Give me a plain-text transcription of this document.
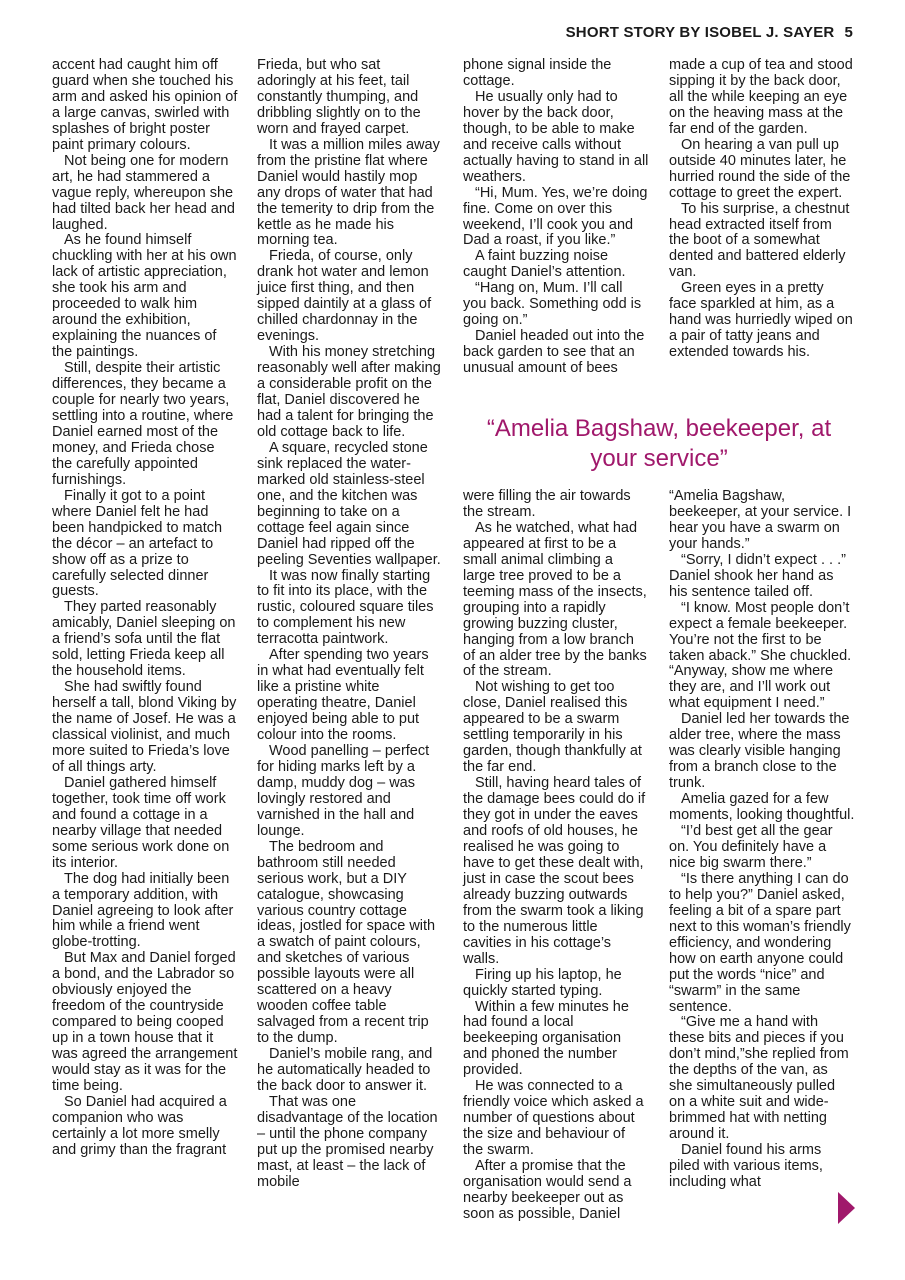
SHORT STORY BY ISOBEL J. SAYER 5

accent had caught him off guard when she touched his arm and asked his opinion of a large canvas, swirled with splashes of bright poster paint primary colours.

Not being one for modern art, he had stammered a vague reply, whereupon she had tilted back her head and laughed.

As he found himself chuckling with her at his own lack of artistic appreciation, she took his arm and proceeded to walk him around the exhibition, explaining the nuances of the paintings.

Still, despite their artistic differences, they became a couple for nearly two years, settling into a routine, where Daniel earned most of the money, and Frieda chose the carefully appointed furnishings.

Finally it got to a point where Daniel felt he had been handpicked to match the décor – an artefact to show off as a prize to carefully selected dinner guests.

They parted reasonably amicably, Daniel sleeping on a friend’s sofa until the flat sold, letting Frieda keep all the household items.

She had swiftly found herself a tall, blond Viking by the name of Josef. He was a classical violinist, and much more suited to Frieda’s love of all things arty.

Daniel gathered himself together, took time off work and found a cottage in a nearby village that needed some serious work done on its interior.

The dog had initially been a temporary addition, with Daniel agreeing to look after him while a friend went globe-trotting.

But Max and Daniel forged a bond, and the Labrador so obviously enjoyed the freedom of the countryside compared to being cooped up in a town house that it was agreed the arrangement would stay as it was for the time being.

So Daniel had acquired a companion who was certainly a lot more smelly and grimy than the fragrant

Frieda, but who sat adoringly at his feet, tail constantly thumping, and dribbling slightly on to the worn and frayed carpet.

It was a million miles away from the pristine flat where Daniel would hastily mop any drops of water that had the temerity to drip from the kettle as he made his morning tea.

Frieda, of course, only drank hot water and lemon juice first thing, and then sipped daintily at a glass of chilled chardonnay in the evenings.

With his money stretching reasonably well after making a considerable profit on the flat, Daniel discovered he had a talent for bringing the old cottage back to life.

A square, recycled stone sink replaced the water-marked old stainless-steel one, and the kitchen was beginning to take on a cottage feel again since Daniel had ripped off the peeling Seventies wallpaper.

It was now finally starting to fit into its place, with the rustic, coloured square tiles to complement his new terracotta paintwork.

After spending two years in what had eventually felt like a pristine white operating theatre, Daniel enjoyed being able to put colour into the rooms.

Wood panelling – perfect for hiding marks left by a damp, muddy dog – was lovingly restored and varnished in the hall and lounge.

The bedroom and bathroom still needed serious work, but a DIY catalogue, showcasing various country cottage ideas, jostled for space with a swatch of paint colours, and sketches of various possible layouts were all scattered on a heavy wooden coffee table salvaged from a recent trip to the dump.

Daniel’s mobile rang, and he automatically headed to the back door to answer it.

That was one disadvantage of the location – until the phone company put up the promised nearby mast, at least – the lack of mobile

phone signal inside the cottage.

He usually only had to hover by the back door, though, to be able to make and receive calls without actually having to stand in all weathers.

“Hi, Mum. Yes, we’re doing fine. Come on over this weekend, I’ll cook you and Dad a roast, if you like.”

A faint buzzing noise caught Daniel’s attention.

“Hang on, Mum. I’ll call you back. Something odd is going on.”

Daniel headed out into the back garden to see that an unusual amount of bees

made a cup of tea and stood sipping it by the back door, all the while keeping an eye on the heaving mass at the far end of the garden.

On hearing a van pull up outside 40 minutes later, he hurried round the side of the cottage to greet the expert.

To his surprise, a chestnut head extracted itself from the boot of a somewhat dented and battered elderly van.

Green eyes in a pretty face sparkled at him, as a hand was hurriedly wiped on a pair of tatty jeans and extended towards his.

“Amelia Bagshaw, beekeeper, at your service”

were filling the air towards the stream.

As he watched, what had appeared at first to be a small animal climbing a large tree proved to be a teeming mass of the insects, grouping into a rapidly growing buzzing cluster, hanging from a low branch of an alder tree by the banks of the stream.

Not wishing to get too close, Daniel realised this appeared to be a swarm settling temporarily in his garden, though thankfully at the far end.

Still, having heard tales of the damage bees could do if they got in under the eaves and roofs of old houses, he realised he was going to have to get these dealt with, just in case the scout bees already buzzing outwards from the swarm took a liking to the numerous little cavities in his cottage’s walls.

Firing up his laptop, he quickly started typing.

Within a few minutes he had found a local beekeeping organisation and phoned the number provided.

He was connected to a friendly voice which asked a number of questions about the size and behaviour of the swarm.

After a promise that the organisation would send a nearby beekeeper out as soon as possible, Daniel

“Amelia Bagshaw, beekeeper, at your service. I hear you have a swarm on your hands.”

“Sorry, I didn’t expect . . .” Daniel shook her hand as his sentence tailed off.

“I know. Most people don’t expect a female beekeeper. You’re not the first to be taken aback.” She chuckled. “Anyway, show me where they are, and I’ll work out what equipment I need.”

Daniel led her towards the alder tree, where the mass was clearly visible hanging from a branch close to the trunk.

Amelia gazed for a few moments, looking thoughtful.

“I’d best get all the gear on. You definitely have a nice big swarm there.”

“Is there anything I can do to help you?” Daniel asked, feeling a bit of a spare part next to this woman’s friendly efficiency, and wondering how on earth anyone could put the words “nice” and “swarm” in the same sentence.

“Give me a hand with these bits and pieces if you don’t mind,”she replied from the depths of the van, as she simultaneously pulled on a white suit and wide-brimmed hat with netting around it.

Daniel found his arms piled with various items, including what
